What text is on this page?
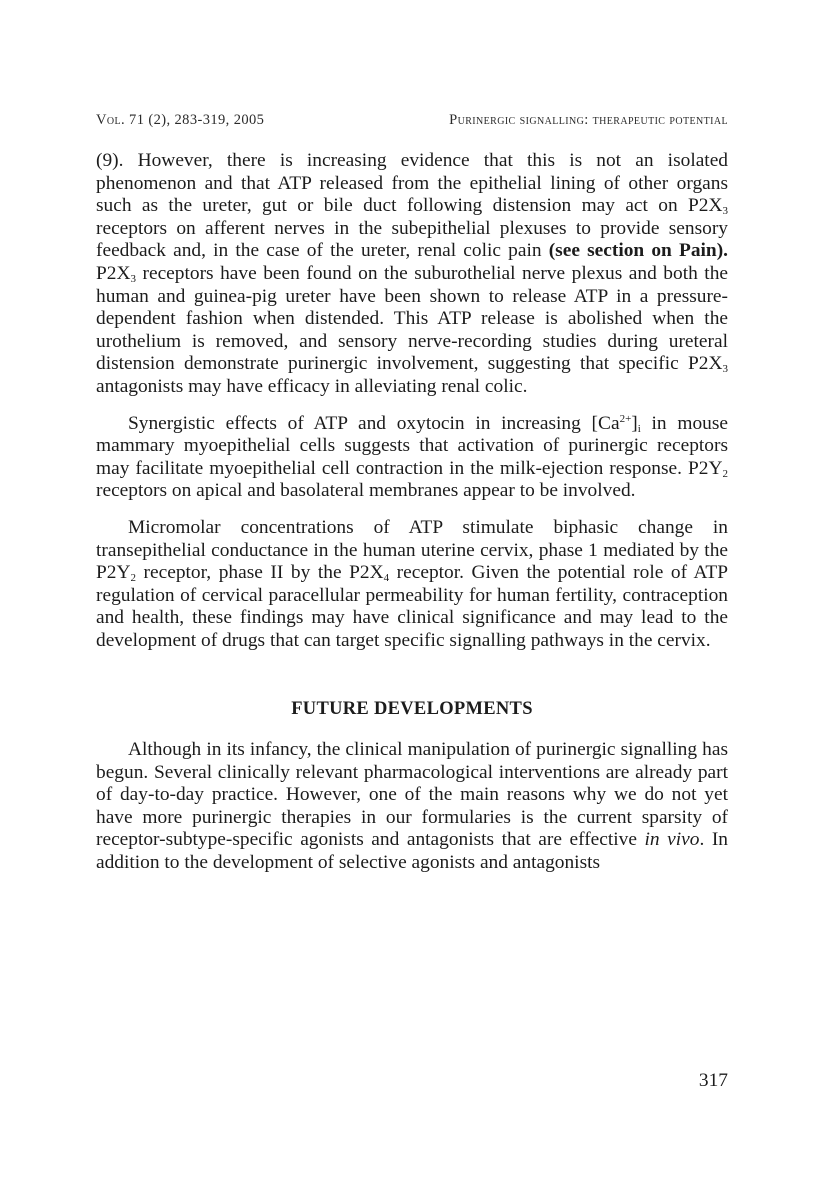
Vol. 71 (2), 283-319, 2005	Purinergic signalling: therapeutic potential

(9). However, there is increasing evidence that this is not an isolated phenomenon and that ATP released from the epithelial lining of other organs such as the ureter, gut or bile duct following distension may act on $P2X_3$ receptors on afferent nerves in the subepithelial plexuses to provide sensory feedback and, in the case of the ureter, renal colic pain (see section on Pain). $P2X_3$ receptors have been found on the suburothelial nerve plexus and both the human and guinea-pig ureter have been shown to release ATP in a pressure-dependent fashion when distended. This ATP release is abolished when the urothelium is removed, and sensory nerve-recording studies during ureteral distension demonstrate purinergic involvement, suggesting that specific $P2X_3$ antagonists may have efficacy in alleviating renal colic.

Synergistic effects of ATP and oxytocin in increasing $[Ca^{2+}]_i$ in mouse mammary myoepithelial cells suggests that activation of purinergic receptors may facilitate myoepithelial cell contraction in the milk-ejection response. $P2Y_2$ receptors on apical and basolateral membranes appear to be involved.

Micromolar concentrations of ATP stimulate biphasic change in transepithelial conductance in the human uterine cervix, phase 1 mediated by the $P2Y_2$ receptor, phase II by the $P2X_4$ receptor. Given the potential role of ATP regulation of cervical paracellular permeability for human fertility, contraception and health, these findings may have clinical significance and may lead to the development of drugs that can target specific signalling pathways in the cervix.

FUTURE DEVELOPMENTS

Although in its infancy, the clinical manipulation of purinergic signalling has begun. Several clinically relevant pharmacological interventions are already part of day-to-day practice. However, one of the main reasons why we do not yet have more purinergic therapies in our formularies is the current sparsity of receptor-subtype-specific agonists and antagonists that are effective in vivo. In addition to the development of selective agonists and antagonists

317
